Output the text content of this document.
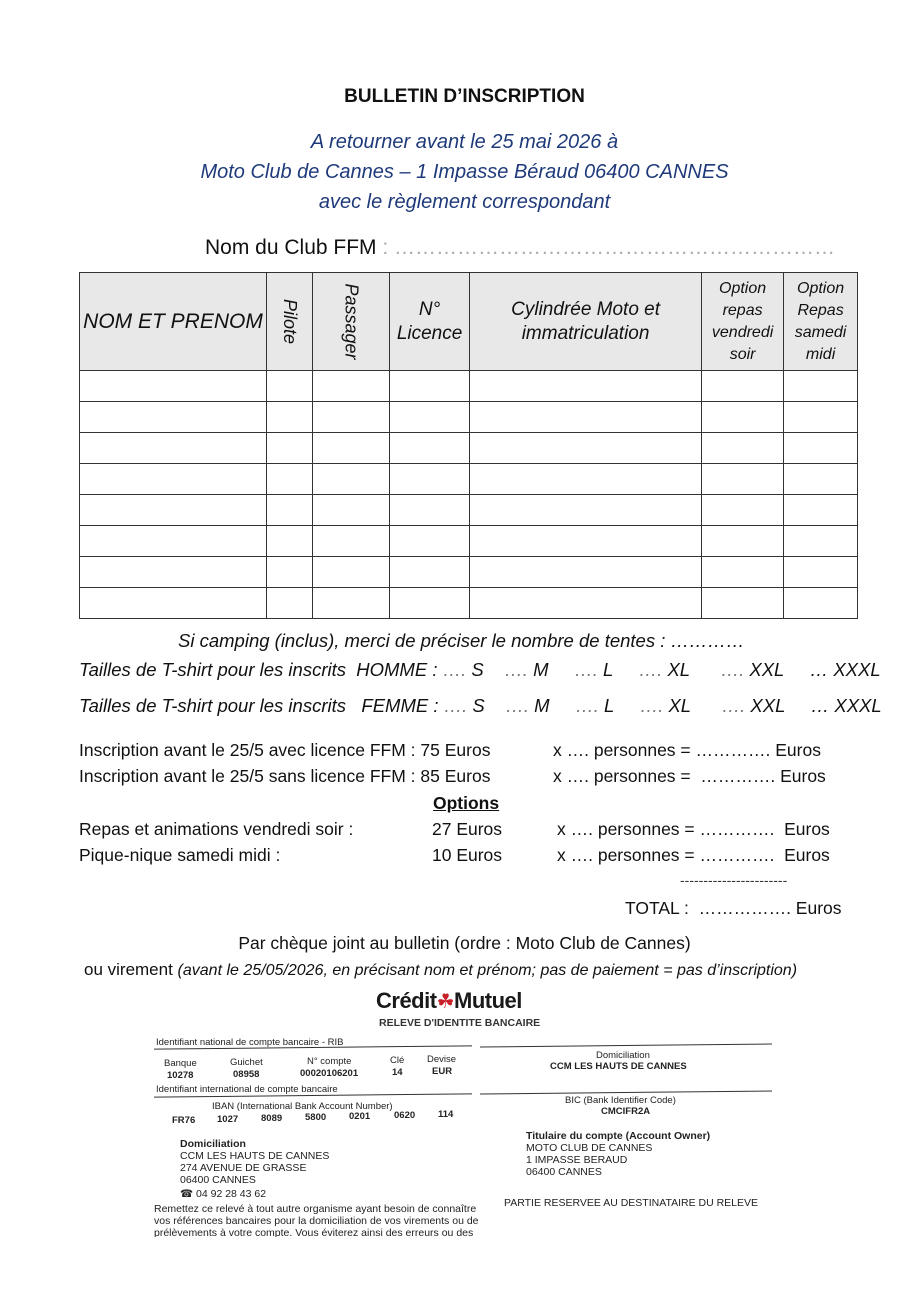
BULLETIN D’INSCRIPTION
A retourner avant le 25 mai 2026 à
Moto Club de Cannes – 1 Impasse Béraud 06400 CANNES
avec le règlement correspondant
Nom du Club FFM : ………………………………………………………
NOM ET PRENOM	Pilote	Passager	N° Licence	Cylindrée Moto et immatriculation	Option repas vendredi soir	Option Repas samedi midi

Si camping (inclus), merci de préciser le nombre de tentes : …………
Tailles de T-shirt pour les inscrits  HOMME : …. S …. M …. L …. XL …. XXL     … XXXL
Tailles de T-shirt pour les inscrits   FEMME : …. S …. M …. L …. XL …. XXL     … XXXL
Inscription avant le 25/5 avec licence FFM : 75 Euros	x …. personnes = …………. Euros
Inscription avant le 25/5 sans licence FFM : 85 Euros	x …. personnes =  …………. Euros
Options
Repas et animations vendredi soir :	27 Euros	x …. personnes = ………….  Euros
Pique-nique samedi midi :	10 Euros	x …. personnes = ………….  Euros
-----------------------
TOTAL :  ……………. Euros
Par chèque joint au bulletin (ordre : Moto Club de Cannes)
ou virement (avant le 25/05/2026, en précisant nom et prénom; pas de paiement = pas d’inscription)
Crédit☘Mutuel
RELEVE D'IDENTITE BANCAIRE
Identifiant national de compte bancaire - RIB
Banque	Guichet	N° compte	Clé Devise
10278	08958	00020106201	14	EUR
Domiciliation
CCM LES HAUTS DE CANNES
Identifiant international de compte bancaire
IBAN (International Bank Account Number)
FR76 1027 8089 5800 0201	0620 114
BIC (Bank Identifier Code)
CMCIFR2A
Domiciliation
CCM LES HAUTS DE CANNES
274 AVENUE DE GRASSE
06400 CANNES
☎ 04 92 28 43 62
Titulaire du compte (Account Owner)
MOTO CLUB DE CANNES
1 IMPASSE BERAUD
06400 CANNES
Remettez ce relevé à tout autre organisme ayant besoin de connaître
vos références bancaires pour la domiciliation de vos virements ou de
prélèvements à votre compte. Vous éviterez ainsi des erreurs ou des
PARTIE RESERVEE AU DESTINATAIRE DU RELEVE
